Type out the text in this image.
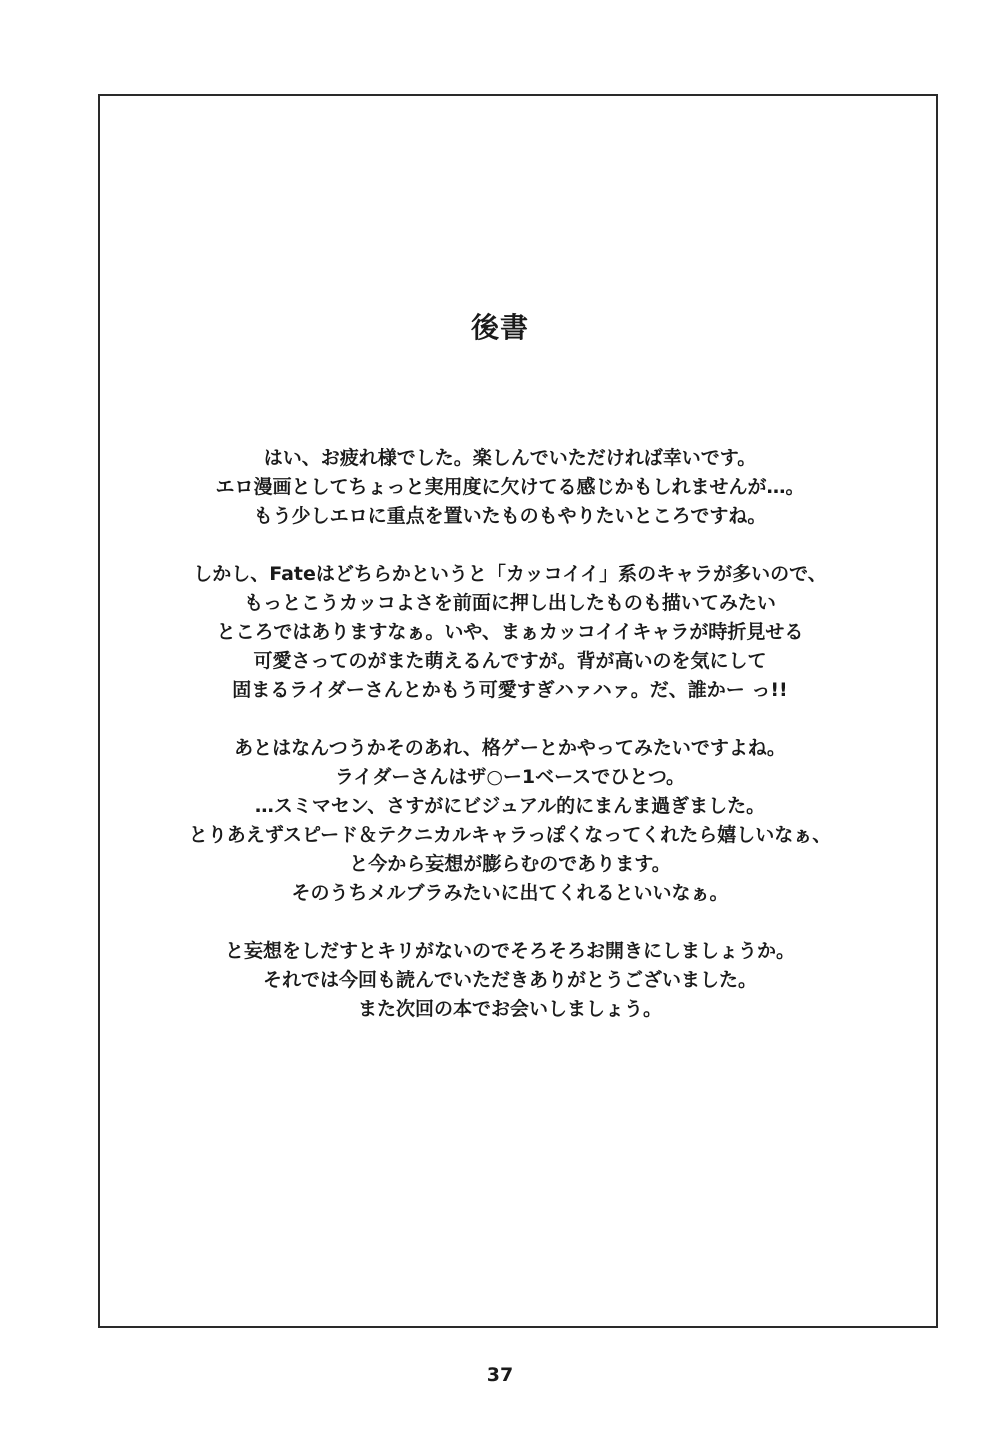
後書

はい、お疲れ様でした。楽しんでいただければ幸いです。
エロ漫画としてちょっと実用度に欠けてる感じかもしれませんが…。
もう少しエロに重点を置いたものもやりたいところですね。

しかし、Fateはどちらかというと「カッコイイ」系のキャラが多いので、
もっとこうカッコよさを前面に押し出したものも描いてみたい
ところではありますなぁ。いや、まぁカッコイイキャラが時折見せる
可愛さってのがまた萌えるんですが。背が高いのを気にして
固まるライダーさんとかもう可愛すぎハァハァ。だ、誰かー っ!!

あとはなんつうかそのあれ、格ゲーとかやってみたいですよね。
ライダーさんはザ○ー1ベースでひとつ。
…スミマセン、さすがにビジュアル的にまんま過ぎました。
とりあえずスピード＆テクニカルキャラっぽくなってくれたら嬉しいなぁ、
と今から妄想が膨らむのであります。
そのうちメルブラみたいに出てくれるといいなぁ。

と妄想をしだすとキリがないのでそろそろお開きにしましょうか。
それでは今回も読んでいただきありがとうございました。
また次回の本でお会いしましょう。

37
